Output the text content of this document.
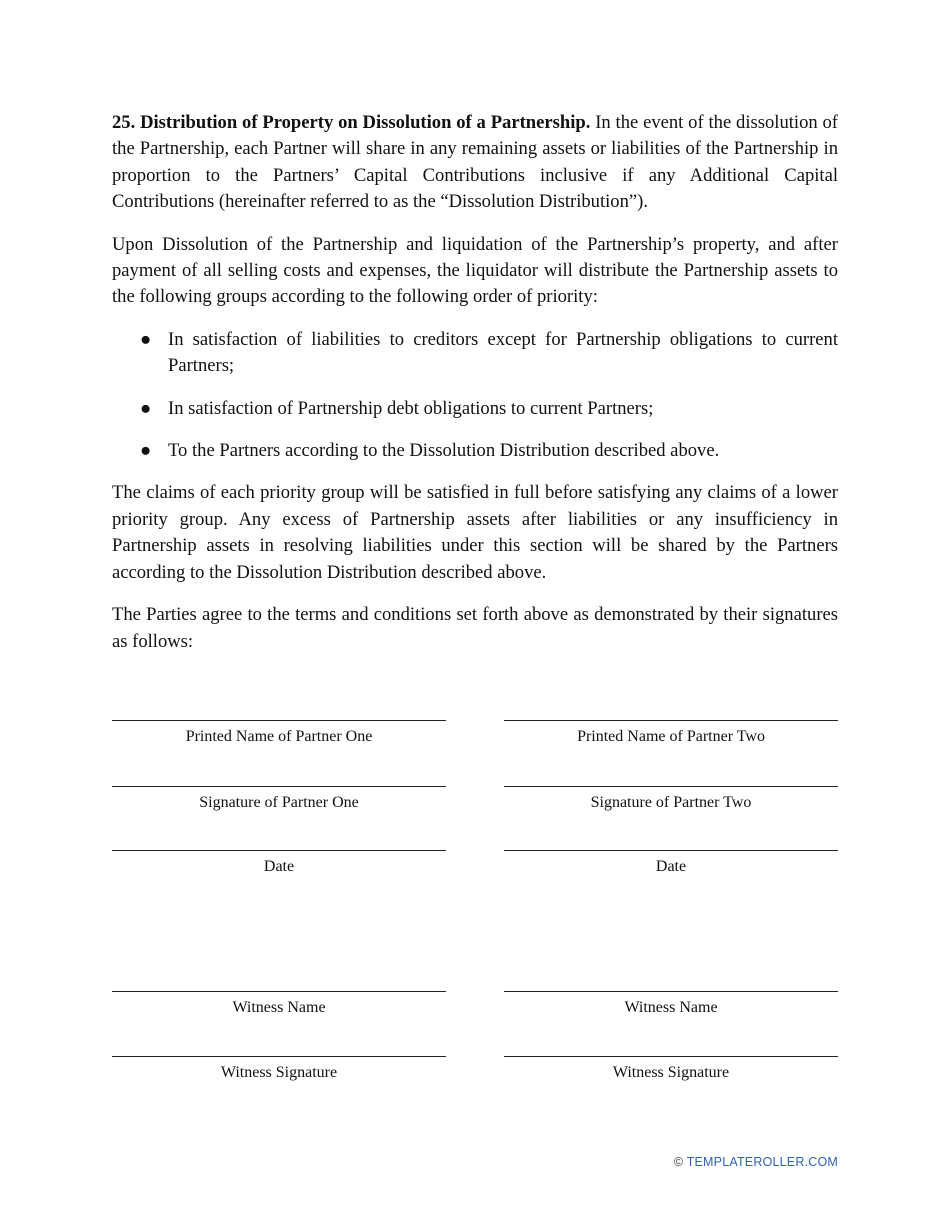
25. Distribution of Property on Dissolution of a Partnership. In the event of the dissolution of the Partnership, each Partner will share in any remaining assets or liabilities of the Partnership in proportion to the Partners’ Capital Contributions inclusive if any Additional Capital Contributions (hereinafter referred to as the “Dissolution Distribution”).

Upon Dissolution of the Partnership and liquidation of the Partnership’s property, and after payment of all selling costs and expenses, the liquidator will distribute the Partnership assets to the following groups according to the following order of priority:

● In satisfaction of liabilities to creditors except for Partnership obligations to current Partners;
● In satisfaction of Partnership debt obligations to current Partners;
● To the Partners according to the Dissolution Distribution described above.

The claims of each priority group will be satisfied in full before satisfying any claims of a lower priority group. Any excess of Partnership assets after liabilities or any insufficiency in Partnership assets in resolving liabilities under this section will be shared by the Partners according to the Dissolution Distribution described above.

The Parties agree to the terms and conditions set forth above as demonstrated by their signatures as follows:

Printed Name of Partner One
Signature of Partner One
Date
Witness Name
Witness Signature
Printed Name of Partner Two
Signature of Partner Two
Date
Witness Name
Witness Signature
© TEMPLATEROLLER.COM
